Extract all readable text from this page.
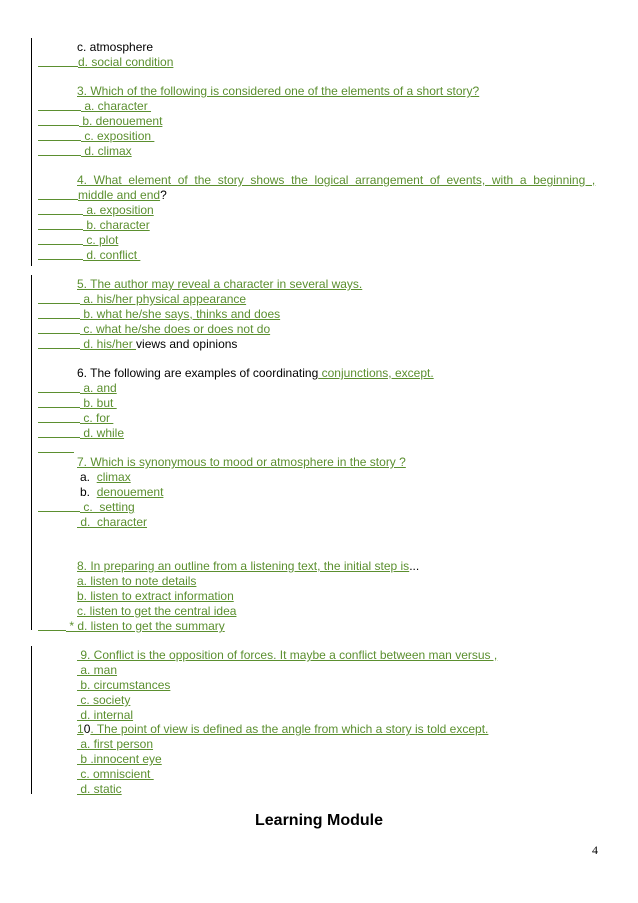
c. atmosphere
d. social condition
3. Which of the following is considered one of the elements of a short story?
a. character
b. denouement
c. exposition
d. climax
4.  What  element  of  the  story  shows  the  logical  arrangement  of  events,  with  a  beginning  ,
middle and end?
a. exposition
b. character
c. plot
d. conflict
5. The author may reveal a character in several ways.
a. his/her physical appearance
b. what he/she says, thinks and does
c. what he/she does or does not do
d. his/her views and opinions
6. The following are examples of coordinating conjunctions, except.
a. and
b. but
c. for
d. while
7. Which is synonymous to mood or atmosphere in the story ?
a.  climax
b.  denouement
c.  setting
d.  character
8. In preparing an outline from a listening text, the initial step is...
a. listen to note details
b. listen to extract information
c. listen to get the central idea
* d. listen to get the summary
9. Conflict is the opposition of forces. It maybe a conflict between man versus ,
a. man
b. circumstances
c. society
d. internal
10. The point of view is defined as the angle from which a story is told except.
a. first person
b .innocent eye
c. omniscient
d. static
Learning Module
4
